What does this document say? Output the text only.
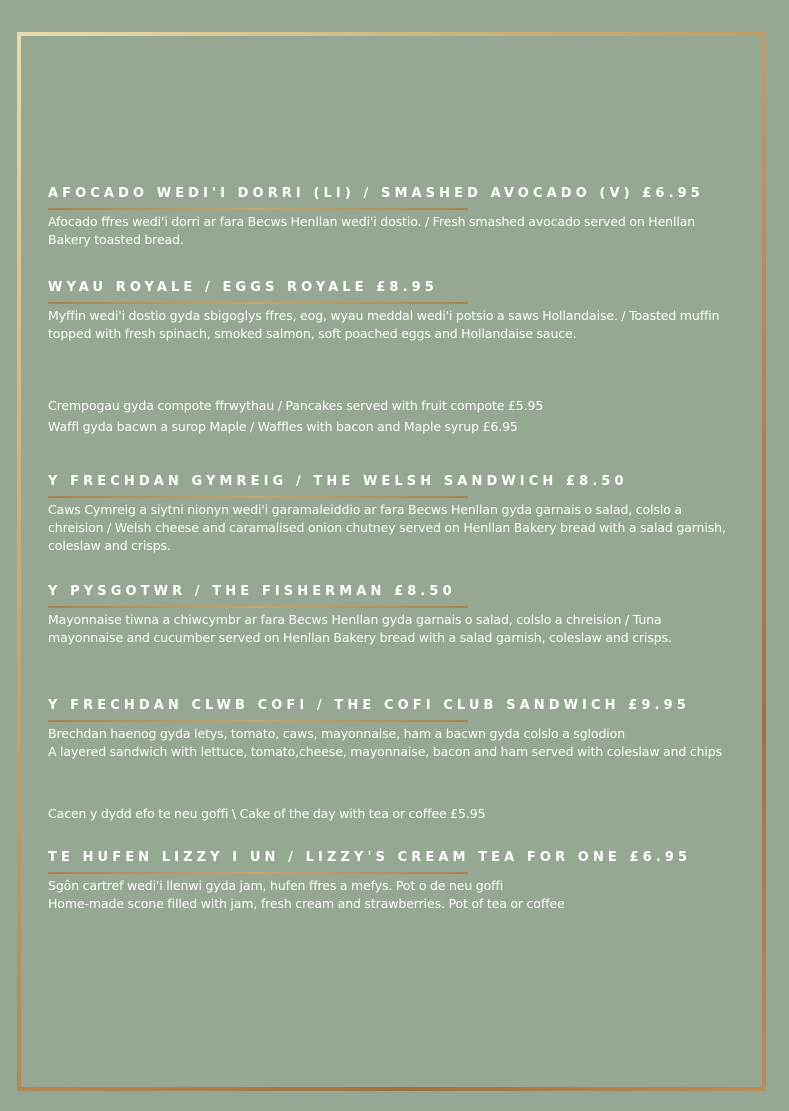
AFOCADO WEDI'I DORRI (LI) / SMASHED AVOCADO (V) £6.95
Afocado ffres wedi'i dorri ar fara Becws Henllan wedi'i dostio. / Fresh smashed avocado served on Henllan Bakery toasted bread.
WYAU ROYALE / EGGS ROYALE £8.95
Myffin wedi'i dostio gyda sbigoglys ffres, eog, wyau meddal wedi'i potsio a saws Hollandaise. / Toasted muffin topped with fresh spinach, smoked salmon, soft poached eggs and Hollandaise sauce.
Crempogau gyda compote ffrwythau / Pancakes served with fruit compote £5.95
Waffl gyda bacwn a surop Maple / Waffles with bacon and Maple syrup £6.95
Y FRECHDAN GYMREIG / THE WELSH SANDWICH £8.50
Caws Cymreig a siytni nionyn wedi'i garamaleiddio ar fara Becws Henllan gyda garnais o salad, colslo a chreision / Welsh cheese and caramalised onion chutney served on Henllan Bakery bread with a salad garnish, coleslaw and crisps.
Y PYSGOTWR / THE FISHERMAN £8.50
Mayonnaise tiwna a chiwcymbr ar fara Becws Henllan gyda garnais o salad, colslo a chreision / Tuna mayonnaise and cucumber served on Henllan Bakery bread with a salad garnish, coleslaw and crisps.
Y FRECHDAN CLWB COFI / THE COFI CLUB SANDWICH £9.95
Brechdan haenog gyda letys, tomato, caws, mayonnaise, ham a bacwn gyda colslo a sglodion
A layered sandwich with lettuce, tomato,cheese, mayonnaise, bacon and ham served with coleslaw and chips
Cacen y dydd efo te neu goffi \ Cake of the day with tea or coffee £5.95
TE HUFEN LIZZY I UN / LIZZY'S CREAM TEA FOR ONE £6.95
Sgôn cartref wedi'i llenwi gyda jam, hufen ffres a mefys. Pot o de neu goffi
Home-made scone filled with jam, fresh cream and strawberries. Pot of tea or coffee
